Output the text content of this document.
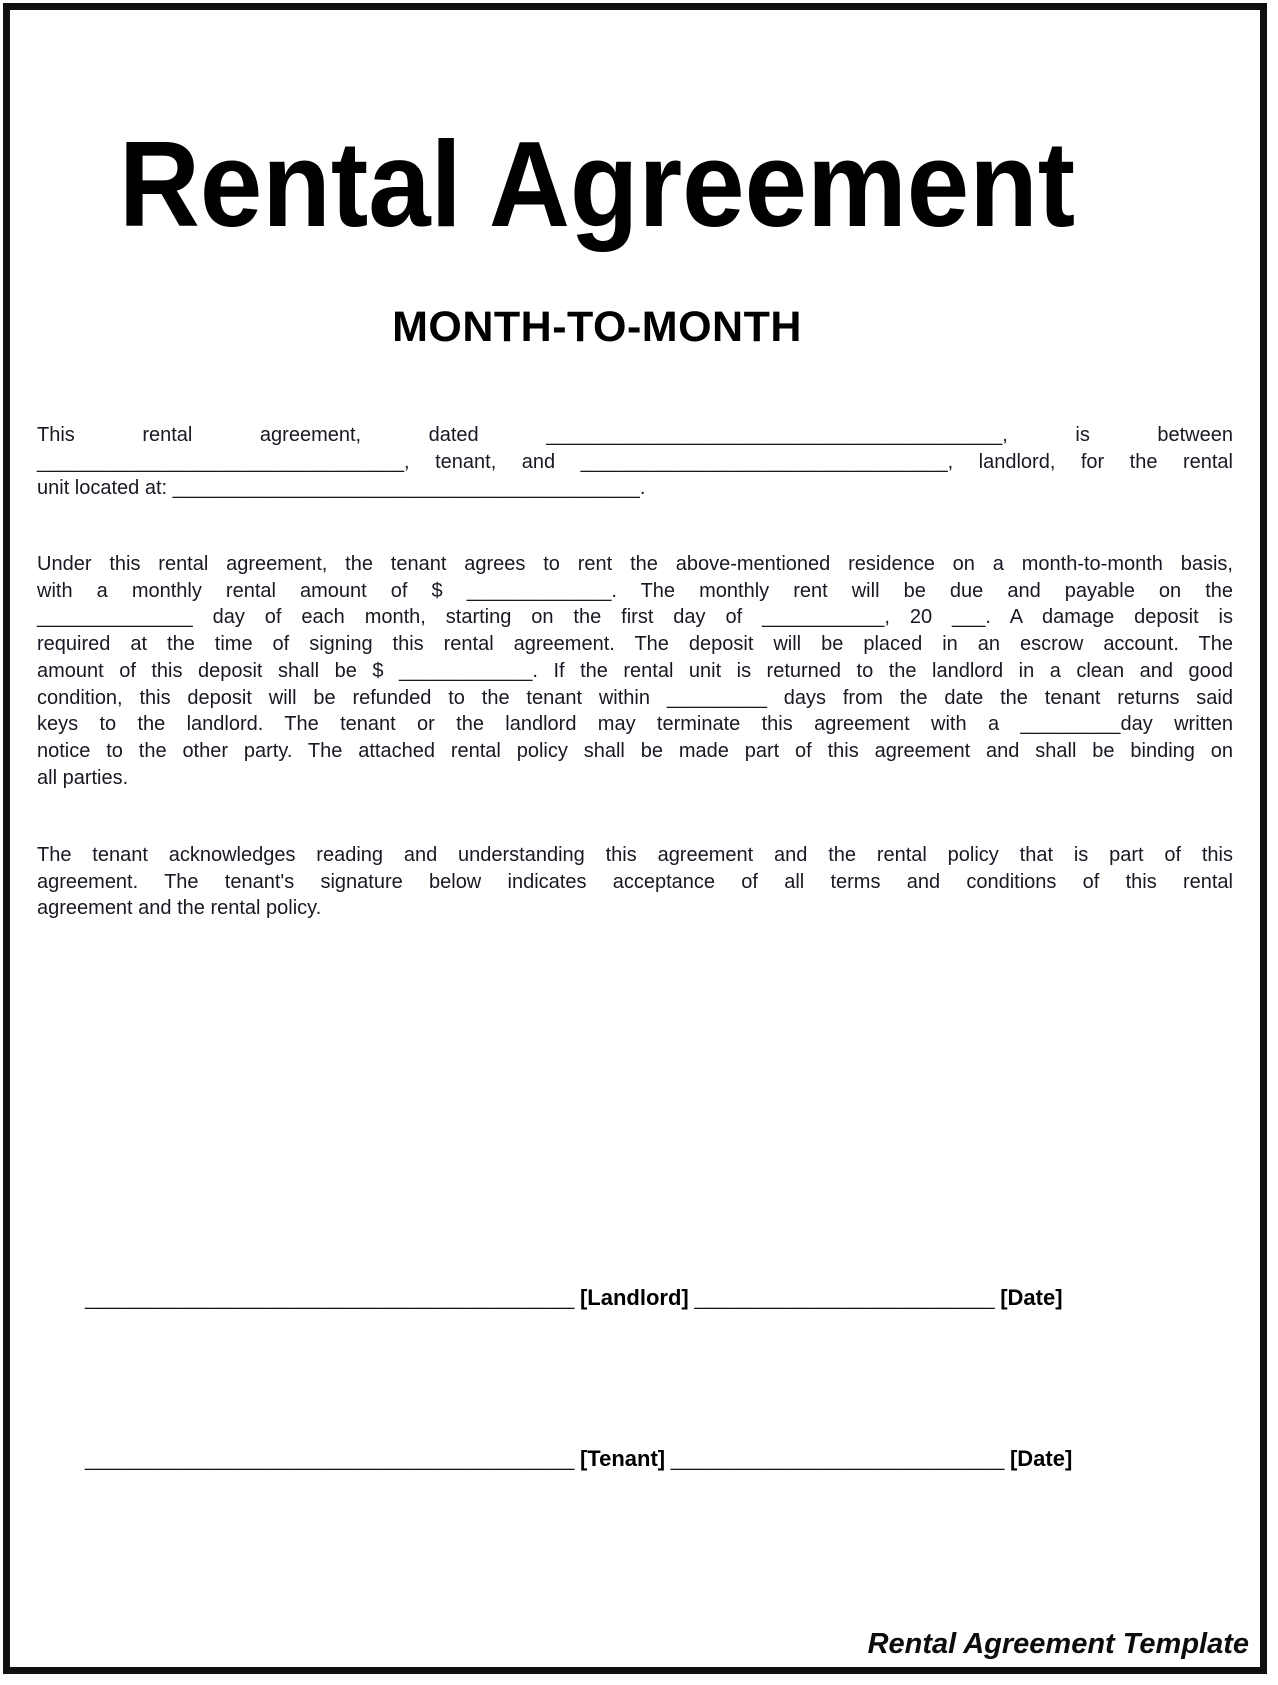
Rental Agreement
MONTH-TO-MONTH
This rental agreement, dated _________________________________________, is between
_________________________________, tenant, and _________________________________, landlord, for the rental
unit located at: __________________________________________.
Under this rental agreement, the tenant agrees to rent the above-mentioned residence on a month-to-month basis,
with a monthly rental amount of $ _____________. The monthly rent will be due and payable on the
______________ day of each month, starting on the first day of ___________, 20 ___. A damage deposit is
required at the time of signing this rental agreement. The deposit will be placed in an escrow account. The
amount of this deposit shall be $ ____________. If the rental unit is returned to the landlord in a clean and good
condition, this deposit will be refunded to the tenant within _________ days from the date the tenant returns said
keys to the landlord. The tenant or the landlord may terminate this agreement with a _________day written
notice to the other party. The attached rental policy shall be made part of this agreement and shall be binding on
all parties.
The tenant acknowledges reading and understanding this agreement and the rental policy that is part of this
agreement. The tenant's signature below indicates acceptance of all terms and conditions of this rental
agreement and the rental policy.
____________________________________________ [Landlord] ___________________________ [Date]
____________________________________________ [Tenant] ______________________________ [Date]
Rental Agreement Template
